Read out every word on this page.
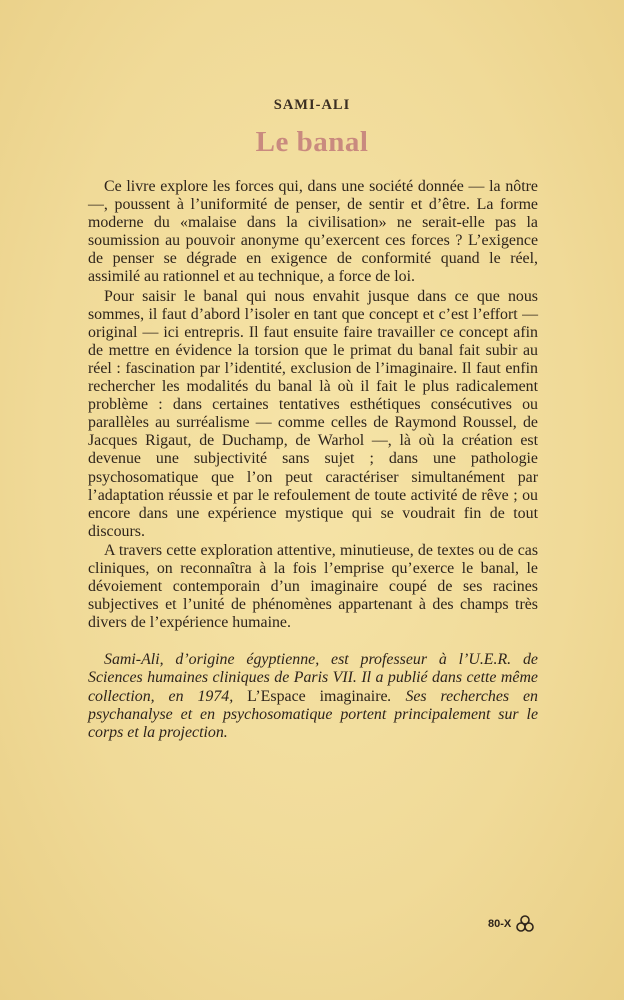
SAMI-ALI
Le banal

Ce livre explore les forces qui, dans une société donnée — la nôtre —, poussent à l’uniformité de penser, de sentir et d’être. La forme moderne du «malaise dans la civilisation» ne serait-elle pas la soumission au pouvoir anonyme qu’exercent ces forces ? L’exigence de penser se dégrade en exigence de conformité quand le réel, assimilé au rationnel et au technique, a force de loi.

Pour saisir le banal qui nous envahit jusque dans ce que nous sommes, il faut d’abord l’isoler en tant que concept et c’est l’effort — original — ici entrepris. Il faut ensuite faire travailler ce concept afin de mettre en évidence la torsion que le primat du banal fait subir au réel : fascination par l’identité, exclusion de l’imaginaire. Il faut enfin rechercher les modalités du banal là où il fait le plus radicalement problème : dans certaines tentatives esthétiques consécutives ou parallèles au surréalisme — comme celles de Raymond Roussel, de Jacques Rigaut, de Duchamp, de Warhol —, là où la création est devenue une subjectivité sans sujet ; dans une pathologie psychosomatique que l’on peut caractériser simultanément par l’adaptation réussie et par le refoulement de toute activité de rêve ; ou encore dans une expérience mystique qui se voudrait fin de tout discours.

A travers cette exploration attentive, minutieuse, de textes ou de cas cliniques, on reconnaîtra à la fois l’emprise qu’exerce le banal, le dévoiement contemporain d’un imaginaire coupé de ses racines subjectives et l’unité de phénomènes appartenant à des champs très divers de l’expérience humaine.

Sami-Ali, d’origine égyptienne, est professeur à l’U.E.R. de Sciences humaines cliniques de Paris VII. Il a publié dans cette même collection, en 1974, L’Espace imaginaire. Ses recherches en psychanalyse et en psychosomatique portent principalement sur le corps et la projection.

80-X
